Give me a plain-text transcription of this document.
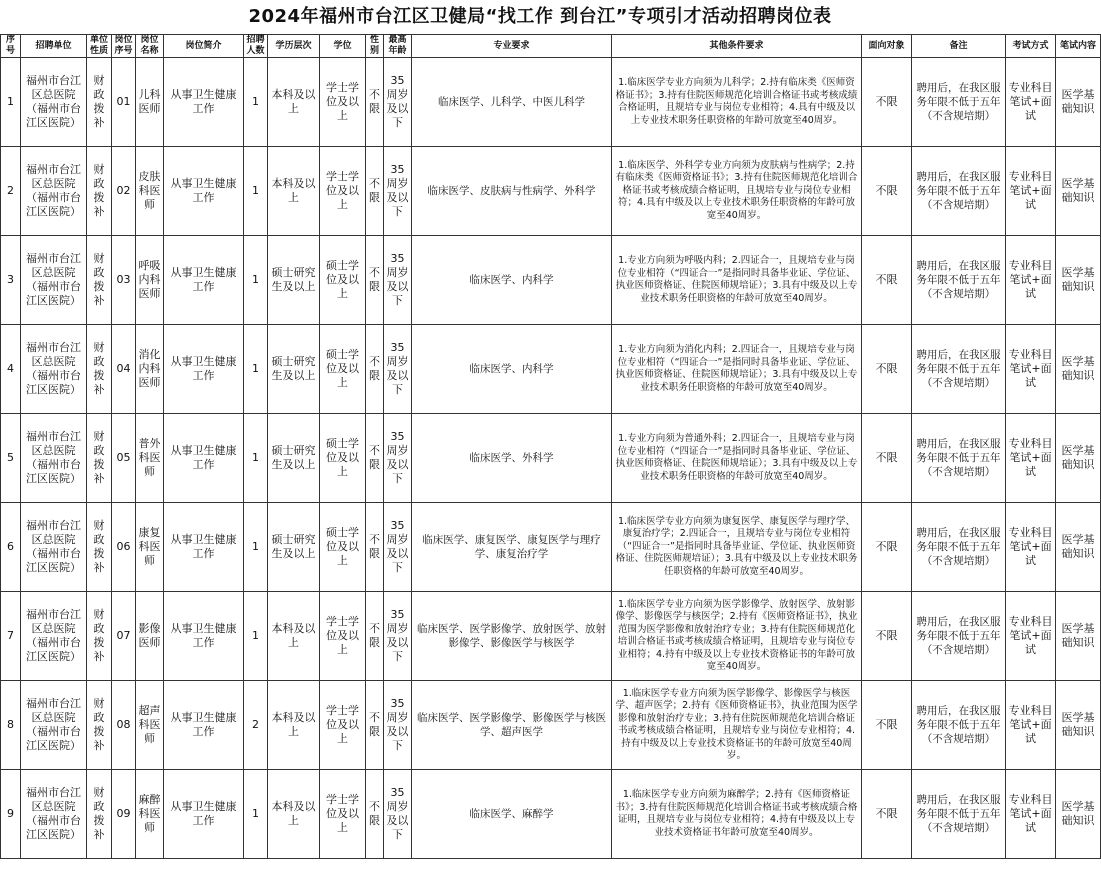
2024年福州市台江区卫健局“找工作 到台江”专项引才活动招聘岗位表
序号	招聘单位	单位性质	岗位序号	岗位名称	岗位简介	招聘人数	学历层次	学位	性别	最高年龄	专业要求	其他条件要求	面向对象	备注	考试方式	笔试内容
1	福州市台江区总医院（福州市台江区医院）	财政拨补	01	儿科医师	从事卫生健康工作	1	本科及以上	学士学位及以上	不限	35周岁及以下	临床医学、儿科学、中医儿科学	1.临床医学专业方向须为儿科学；2.持有临床类《医师资格证书》；3.持有住院医师规范化培训合格证书或考核成绩合格证明，且规培专业与岗位专业相符；4.具有中级及以上专业技术职务任职资格的年龄可放宽至40周岁。	不限	聘用后，在我区服务年限不低于五年（不含规培期）	专业科目笔试+面试	医学基础知识
2	福州市台江区总医院（福州市台江区医院）	财政拨补	02	皮肤科医师	从事卫生健康工作	1	本科及以上	学士学位及以上	不限	35周岁及以下	临床医学、皮肤病与性病学、外科学	1.临床医学、外科学专业方向须为皮肤病与性病学；2.持有临床类《医师资格证书》；3.持有住院医师规范化培训合格证书或考核成绩合格证明，且规培专业与岗位专业相符；4.具有中级及以上专业技术职务任职资格的年龄可放宽至40周岁。	不限	聘用后，在我区服务年限不低于五年（不含规培期）	专业科目笔试+面试	医学基础知识
3	福州市台江区总医院（福州市台江区医院）	财政拨补	03	呼吸内科医师	从事卫生健康工作	1	硕士研究生及以上	硕士学位及以上	不限	35周岁及以下	临床医学、内科学	1.专业方向须为呼吸内科；2.四证合一，且规培专业与岗位专业相符（“四证合一”是指同时具备毕业证、学位证、执业医师资格证、住院医师规培证）；3.具有中级及以上专业技术职务任职资格的年龄可放宽至40周岁。	不限	聘用后，在我区服务年限不低于五年（不含规培期）	专业科目笔试+面试	医学基础知识
4	福州市台江区总医院（福州市台江区医院）	财政拨补	04	消化内科医师	从事卫生健康工作	1	硕士研究生及以上	硕士学位及以上	不限	35周岁及以下	临床医学、内科学	1.专业方向须为消化内科；2.四证合一，且规培专业与岗位专业相符（“四证合一”是指同时具备毕业证、学位证、执业医师资格证、住院医师规培证）；3.具有中级及以上专业技术职务任职资格的年龄可放宽至40周岁。	不限	聘用后，在我区服务年限不低于五年（不含规培期）	专业科目笔试+面试	医学基础知识
5	福州市台江区总医院（福州市台江区医院）	财政拨补	05	普外科医师	从事卫生健康工作	1	硕士研究生及以上	硕士学位及以上	不限	35周岁及以下	临床医学、外科学	1.专业方向须为普通外科；2.四证合一，且规培专业与岗位专业相符（“四证合一”是指同时具备毕业证、学位证、执业医师资格证、住院医师规培证）；3.具有中级及以上专业技术职务任职资格的年龄可放宽至40周岁。	不限	聘用后，在我区服务年限不低于五年（不含规培期）	专业科目笔试+面试	医学基础知识
6	福州市台江区总医院（福州市台江区医院）	财政拨补	06	康复科医师	从事卫生健康工作	1	硕士研究生及以上	硕士学位及以上	不限	35周岁及以下	临床医学、康复医学、康复医学与理疗学、康复治疗学	1.临床医学专业方向须为康复医学、康复医学与理疗学、康复治疗学；2.四证合一，且规培专业与岗位专业相符（“四证合一”是指同时具备毕业证、学位证、执业医师资格证、住院医师规培证）；3.具有中级及以上专业技术职务任职资格的年龄可放宽至40周岁。	不限	聘用后，在我区服务年限不低于五年（不含规培期）	专业科目笔试+面试	医学基础知识
7	福州市台江区总医院（福州市台江区医院）	财政拨补	07	影像医师	从事卫生健康工作	1	本科及以上	学士学位及以上	不限	35周岁及以下	临床医学、医学影像学、放射医学、放射影像学、影像医学与核医学	1.临床医学专业方向须为医学影像学、放射医学、放射影像学、影像医学与核医学；2.持有《医师资格证书》，执业范围为医学影像和放射治疗专业；3.持有住院医师规范化培训合格证书或考核成绩合格证明，且规培专业与岗位专业相符；4.持有中级及以上专业技术资格证书的年龄可放宽至40周岁。	不限	聘用后，在我区服务年限不低于五年（不含规培期）	专业科目笔试+面试	医学基础知识
8	福州市台江区总医院（福州市台江区医院）	财政拨补	08	超声科医师	从事卫生健康工作	2	本科及以上	学士学位及以上	不限	35周岁及以下	临床医学、医学影像学、影像医学与核医学、超声医学	1.临床医学专业方向须为医学影像学、影像医学与核医学、超声医学；2.持有《医师资格证书》，执业范围为医学影像和放射治疗专业；3.持有住院医师规范化培训合格证书或考核成绩合格证明，且规培专业与岗位专业相符；4.持有中级及以上专业技术资格证书的年龄可放宽至40周岁。	不限	聘用后，在我区服务年限不低于五年（不含规培期）	专业科目笔试+面试	医学基础知识
9	福州市台江区总医院（福州市台江区医院）	财政拨补	09	麻醉科医师	从事卫生健康工作	1	本科及以上	学士学位及以上	不限	35周岁及以下	临床医学、麻醉学	1.临床医学专业方向须为麻醉学；2.持有《医师资格证书》；3.持有住院医师规范化培训合格证书或考核成绩合格证明，且规培专业与岗位专业相符；4.持有中级及以上专业技术资格证书年龄可放宽至40周岁。	不限	聘用后，在我区服务年限不低于五年（不含规培期）	专业科目笔试+面试	医学基础知识
